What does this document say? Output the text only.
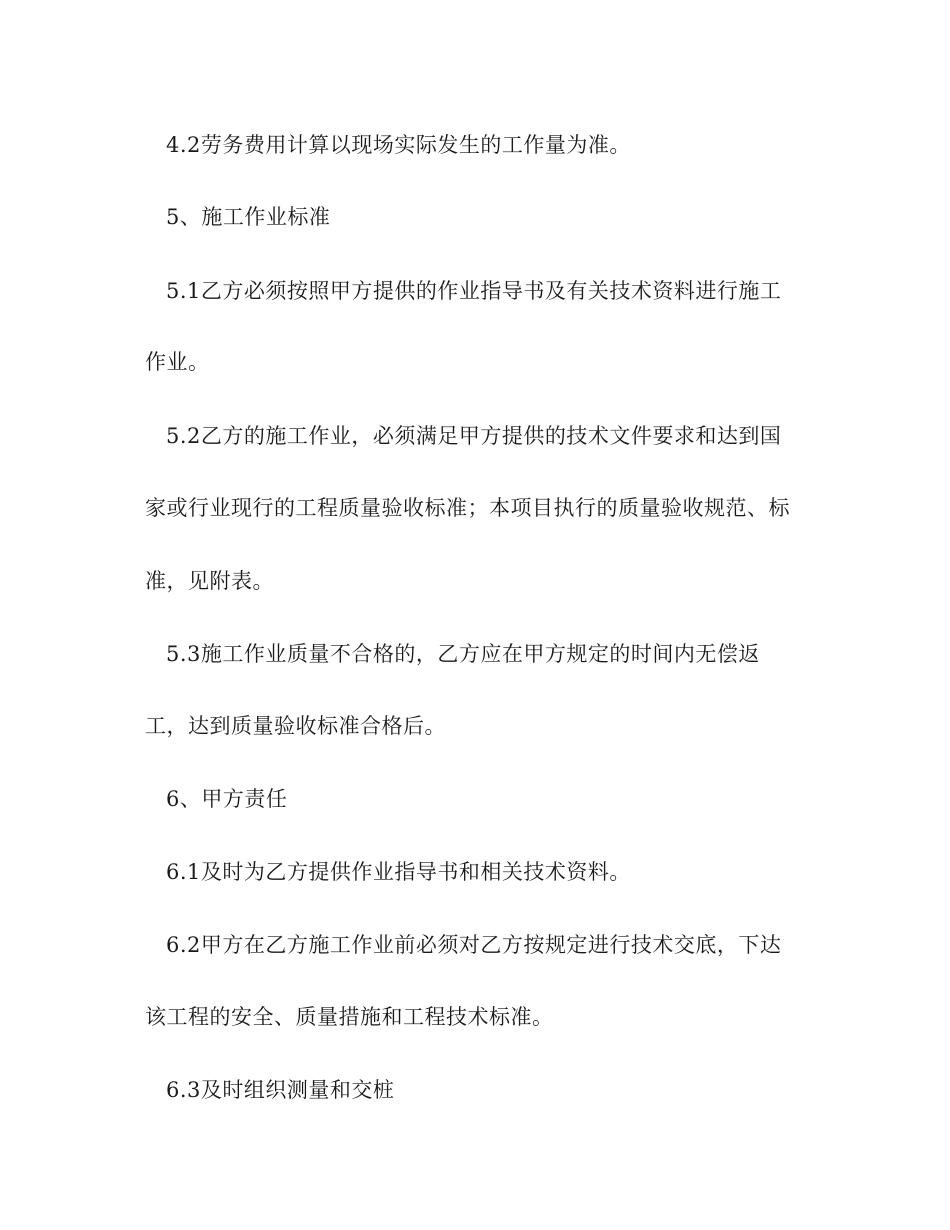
4.2劳务费用计算以现场实际发生的工作量为准。
5、施工作业标准
5.1乙方必须按照甲方提供的作业指导书及有关技术资料进行施工
作业。
5.2乙方的施工作业，必须满足甲方提供的技术文件要求和达到国
家或行业现行的工程质量验收标准；本项目执行的质量验收规范、标
准，见附表。
5.3施工作业质量不合格的，乙方应在甲方规定的时间内无偿返
工，达到质量验收标准合格后。
6、甲方责任
6.1及时为乙方提供作业指导书和相关技术资料。
6.2甲方在乙方施工作业前必须对乙方按规定进行技术交底，下达
该工程的安全、质量措施和工程技术标准。
6.3及时组织测量和交桩
